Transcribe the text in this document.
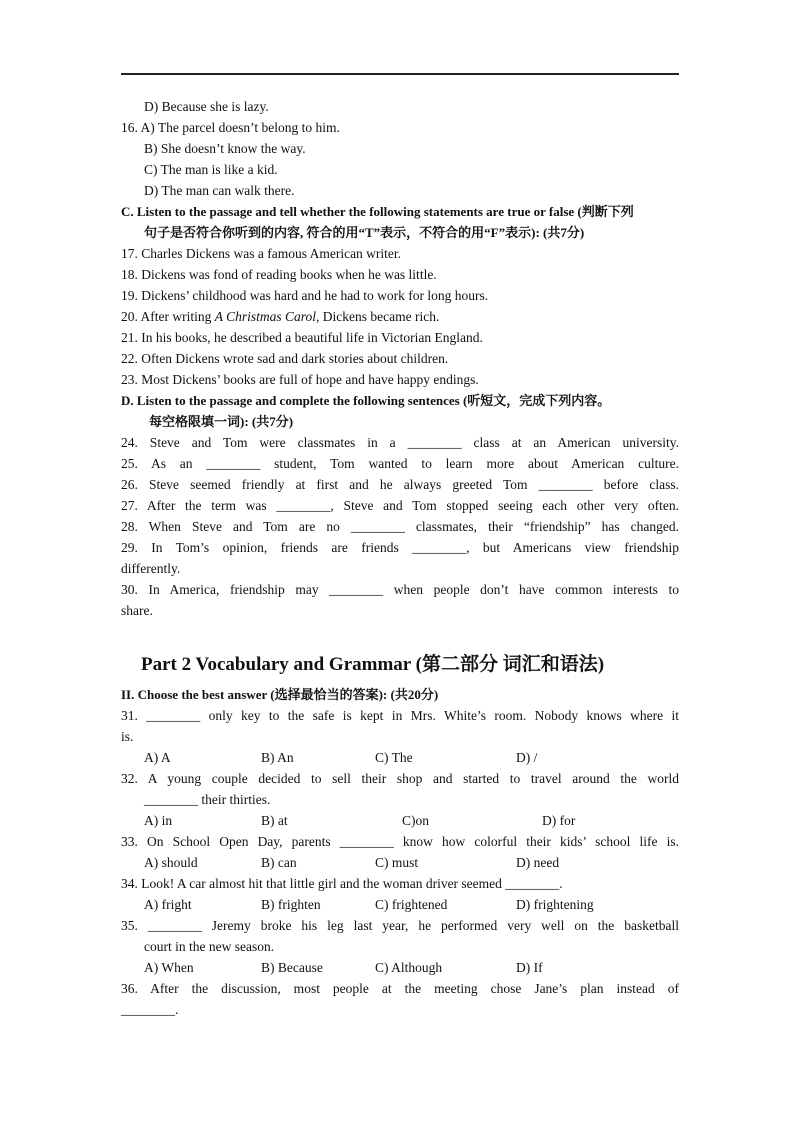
D) Because she is lazy.
16. A) The parcel doesn’t belong to him.
B) She doesn’t know the way.
C) The man is like a kid.
D) The man can walk there.
C. Listen to the passage and tell whether the following statements are true or false (判断下列
句子是否符合你听到的内容, 符合的用“T”表示，不符合的用“F”表示): (共7分)
17. Charles Dickens was a famous American writer.
18. Dickens was fond of reading books when he was little.
19. Dickens’ childhood was hard and he had to work for long hours.
20. After writing A Christmas Carol, Dickens became rich.
21. In his books, he described a beautiful life in Victorian England.
22. Often Dickens wrote sad and dark stories about children.
23. Most Dickens’ books are full of hope and have happy endings.
D. Listen to the passage and complete the following sentences (听短文，完成下列内容。
每空格限填一词): (共7分)
24. Steve and Tom were classmates in a ________ class at an American university.
25. As an ________ student, Tom wanted to learn more about American culture.
26. Steve seemed friendly at first and he always greeted Tom ________ before class.
27. After the term was ________, Steve and Tom stopped seeing each other very often.
28. When Steve and Tom are no ________ classmates, their “friendship” has changed.
29. In Tom’s opinion, friends are friends ________, but Americans view friendship
differently.
30. In America, friendship may ________ when people don’t have common interests to
share.
Part 2 Vocabulary and Grammar (第二部分 词汇和语法)
II. Choose the best answer (选择最恰当的答案): (共20分)
31. ________ only key to the safe is kept in Mrs. White’s room. Nobody knows where it
is.
A) A	B) An	C) The	D) /
32. A young couple decided to sell their shop and started to travel around the world
________ their thirties.
A) in	B) at	C)on	D) for
33. On School Open Day, parents ________ know how colorful their kids’ school life is.
A) should	B) can	C) must	D) need
34. Look! A car almost hit that little girl and the woman driver seemed ________.
A) fright	B) frighten	C) frightened	D) frightening
35. ________ Jeremy broke his leg last year, he performed very well on the basketball
court in the new season.
A) When	B) Because	C) Although	D) If
36. After the discussion, most people at the meeting chose Jane’s plan instead of
________.
